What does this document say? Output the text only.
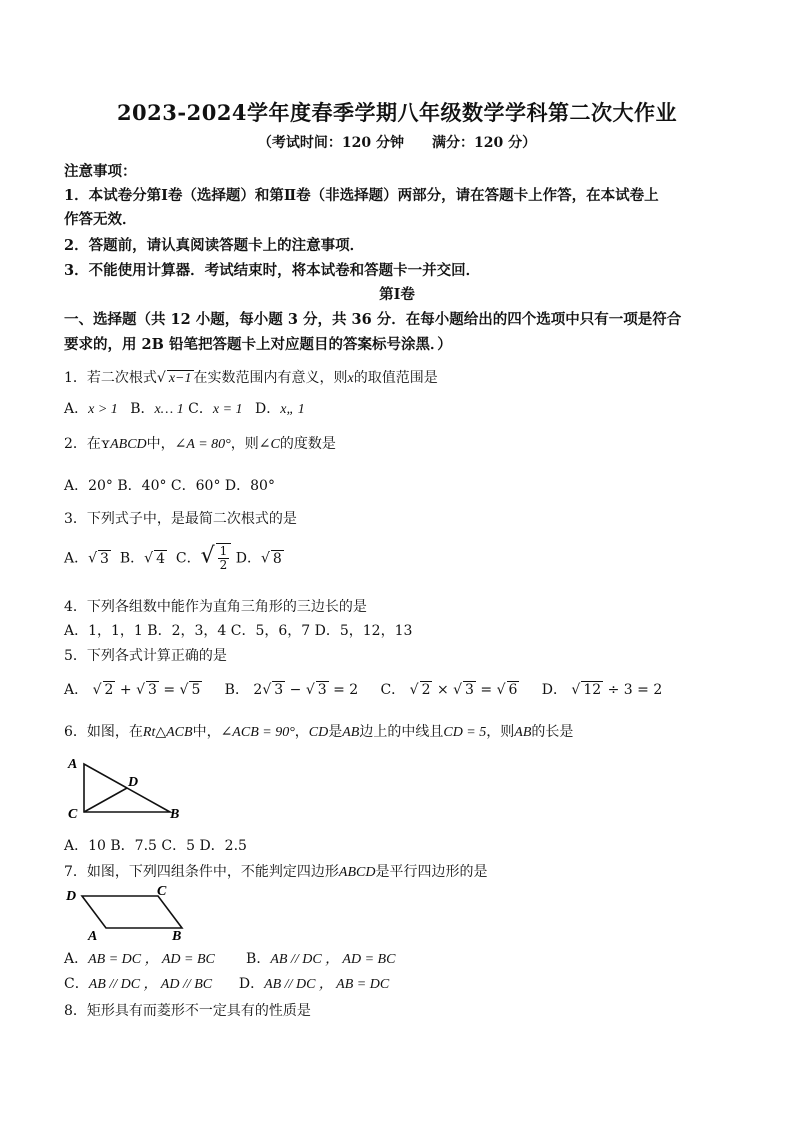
2023-2024学年度春季学期八年级数学学科第二次大作业
（考试时间：120 分钟　　满分：120 分）
注意事项：
1．本试卷分第Ⅰ卷（选择题）和第Ⅱ卷（非选择题）两部分，请在答题卡上作答，在本试卷上
作答无效．
2．答题前，请认真阅读答题卡上的注意事项．
3．不能使用计算器．考试结束时，将本试卷和答题卡一并交回．
第Ⅰ卷
一、选择题（共 12 小题，每小题 3 分，共 36 分．在每小题给出的四个选项中只有一项是符合
要求的，用 2B 铅笔把答题卡上对应题目的答案标号涂黑．）
1．若二次根式√ x−1 在实数范围内有意义，则x的取值范围是
A．x > 1 B．x… 1 C．x = 1 D．x„ 1
2．在ʏABCD中，∠A = 80°，则∠C的度数是
A．20° B．40° C．60° D．80°
3．下列式子中，是最简二次根式的是
A．√ 3 B．√ 4 C．√ $\frac{1}{2}$ D．√ 8
4．下列各组数中能作为直角三角形的三边长的是
A．1，1，1 B．2，3，4 C．5，6，7 D．5，12，13
5．下列各式计算正确的是
A． √ 2 + √ 3 = √ 5 B． 2√ 3 − √ 3 = 2 C． √ 2 × √ 3 = √ 6 D． √ 12 ÷ 3 = 2
6．如图，在Rt△ACB中，∠ACB = 90°，CD是AB边上的中线且CD = 5，则AB的长是
A
D
C	B
A．10 B．7.5 C．5 D．2.5
7．如图，下列四组条件中，不能判定四边形ABCD是平行四边形的是
D	C
A	B
A．AB = DC ， AD = BC B．AB // DC ， AD = BC
C．AB // DC ， AD // BC D．AB // DC ， AB = DC
8．矩形具有而菱形不一定具有的性质是
